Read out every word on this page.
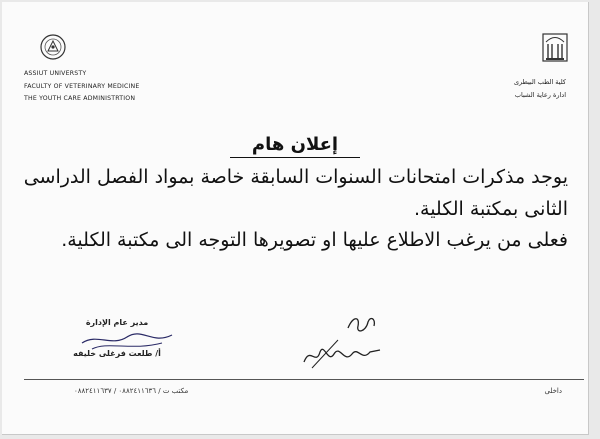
ASSIUT UNIVERSTY
FACULTY OF VETERINARY MEDICINE
THE YOUTH CARE ADMINISTRTION
كلية الطب البيطرى
ادارة رعاية الشباب
إعلان هام

يوجد مذكرات امتحانات السنوات السابقة خاصة بمواد الفصل الدراسى الثانى بمكتبة الكلية.

فعلى من يرغب الاطلاع عليها او تصويرها التوجه الى مكتبة الكلية.

مدير عام الإدارة
أ/ طلعت فرغلى خليفه
مكتب ت / ٠٨٨٢٤١١٦٣٦ / ٠٨٨٢٤١١٦٣٧	داخلى
